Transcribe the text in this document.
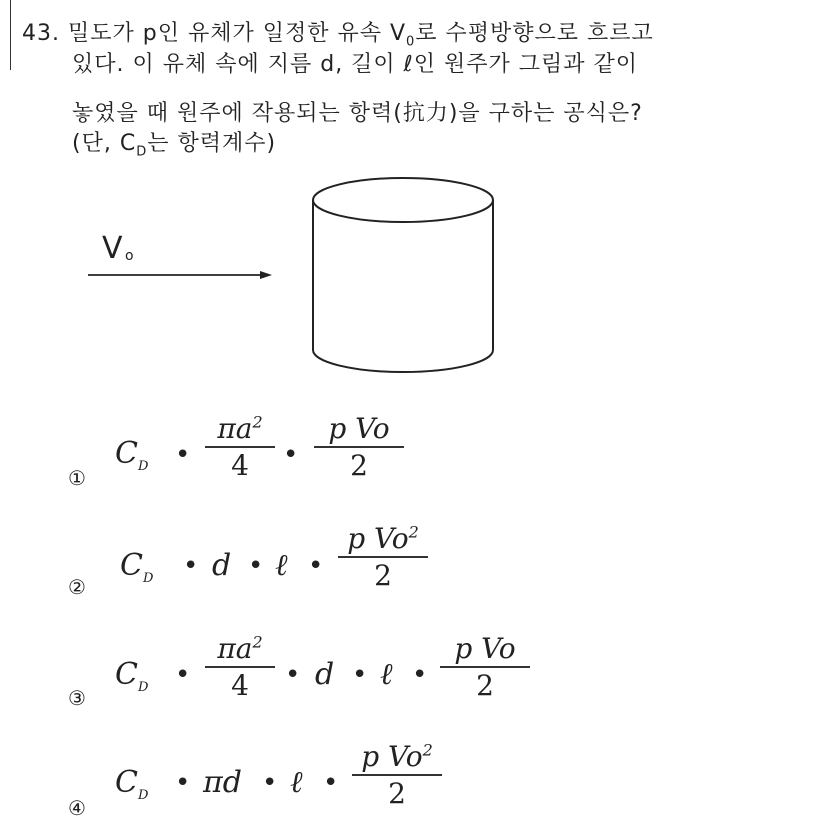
43. 밀도가 p인 유체가 일정한 유속 $V_0$로 수평방향으로 흐르고
있다. 이 유체 속에 지름 d, 길이 ℓ인 원주가 그림과 같이
놓였을 때 원주에 작용되는 항력(抗力)을 구하는 공식은?
(단, $C_D$는 항력계수)
V o
①
$C_D$ •
$\pi a^2$
4	•
p Vo
2
②
$C_D$ • d • ℓ •
p Vo$^2$
2
③
$C_D$ •
$\pi a^2$
4	• d • ℓ •
p Vo
2
④
$C_D$ • πd • ℓ •
p Vo$^2$
2
